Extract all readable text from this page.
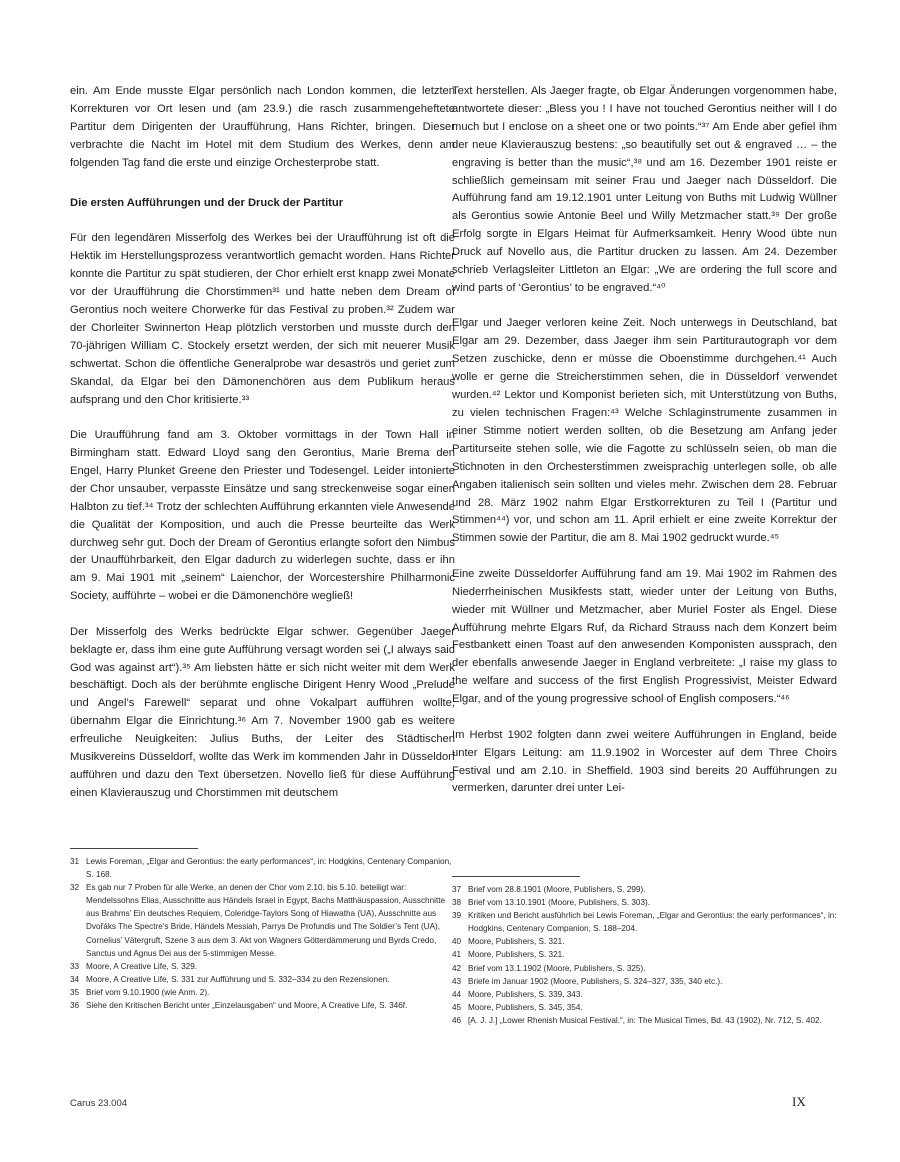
ein. Am Ende musste Elgar persönlich nach London kommen, die letzten Korrekturen vor Ort lesen und (am 23.9.) die rasch zusammengeheftete Partitur dem Dirigenten der Uraufführung, Hans Richter, bringen. Dieser verbrachte die Nacht im Hotel mit dem Studium des Werkes, denn am folgenden Tag fand die erste und einzige Orchesterprobe statt.

Die ersten Aufführungen und der Druck der Partitur

Für den legendären Misserfolg des Werkes bei der Uraufführung ist oft die Hektik im Herstellungsprozess verantwortlich gemacht worden. Hans Richter konnte die Partitur zu spät studieren, der Chor erhielt erst knapp zwei Monate vor der Uraufführung die Chorstimmen³¹ und hatte neben dem Dream of Gerontius noch weitere Chorwerke für das Festival zu proben.³² Zudem war der Chorleiter Swinnerton Heap plötzlich verstorben und musste durch den 70-jährigen William C. Stockely ersetzt werden, der sich mit neuerer Musik schwertat. Schon die öffentliche Generalprobe war desaströs und geriet zum Skandal, da Elgar bei den Dämonenchören aus dem Publikum heraus aufsprang und den Chor kritisierte.³³

Die Uraufführung fand am 3. Oktober vormittags in der Town Hall in Birmingham statt. Edward Lloyd sang den Gerontius, Marie Brema den Engel, Harry Plunket Greene den Priester und Todesengel. Leider intonierte der Chor unsauber, verpasste Einsätze und sang streckenweise sogar einen Halbton zu tief.³⁴ Trotz der schlechten Aufführung erkannten viele Anwesende die Qualität der Komposition, und auch die Presse beurteilte das Werk durchweg sehr gut. Doch der Dream of Gerontius erlangte sofort den Nimbus der Unaufführbarkeit, den Elgar dadurch zu widerlegen suchte, dass er ihn am 9. Mai 1901 mit „seinem“ Laienchor, der Worcestershire Philharmonic Society, aufführte – wobei er die Dämonenchöre wegließ!

Der Misserfolg des Werks bedrückte Elgar schwer. Gegenüber Jaeger beklagte er, dass ihm eine gute Aufführung versagt worden sei („I always said God was against art“).³⁵ Am liebsten hätte er sich nicht weiter mit dem Werk beschäftigt. Doch als der berühmte englische Dirigent Henry Wood „Prelude und Angel’s Farewell“ separat und ohne Vokalpart aufführen wollte, übernahm Elgar die Einrichtung.³⁶ Am 7. November 1900 gab es weitere erfreuliche Neuigkeiten: Julius Buths, der Leiter des Städtischen Musikvereins Düsseldorf, wollte das Werk im kommenden Jahr in Düsseldorf aufführen und dazu den Text übersetzen. Novello ließ für diese Aufführung einen Klavierauszug und Chorstimmen mit deutschem

Text herstellen. Als Jaeger fragte, ob Elgar Änderungen vorgenommen habe, antwortete dieser: „Bless you ! I have not touched Gerontius neither will I do much but I enclose on a sheet one or two points.“³⁷ Am Ende aber gefiel ihm der neue Klavierauszug bestens: „so beautifully set out & engraved … – the engraving is better than the music“,³⁸ und am 16. Dezember 1901 reiste er schließlich gemeinsam mit seiner Frau und Jaeger nach Düsseldorf. Die Aufführung fand am 19.12.1901 unter Leitung von Buths mit Ludwig Wüllner als Gerontius sowie Antonie Beel und Willy Metzmacher statt.³⁹ Der große Erfolg sorgte in Elgars Heimat für Aufmerksamkeit. Henry Wood übte nun Druck auf Novello aus, die Partitur drucken zu lassen. Am 24. Dezember schrieb Verlagsleiter Littleton an Elgar: „We are ordering the full score and wind parts of ‘Gerontius’ to be engraved.“⁴⁰

Elgar und Jaeger verloren keine Zeit. Noch unterwegs in Deutschland, bat Elgar am 29. Dezember, dass Jaeger ihm sein Partiturautograph vor dem Setzen zuschicke, denn er müsse die Oboenstimme durchgehen.⁴¹ Auch wolle er gerne die Streicherstimmen sehen, die in Düsseldorf verwendet wurden.⁴² Lektor und Komponist berieten sich, mit Unterstützung von Buths, zu vielen technischen Fragen:⁴³ Welche Schlaginstrumente zusammen in einer Stimme notiert werden sollten, ob die Besetzung am Anfang jeder Partiturseite stehen solle, wie die Fagotte zu schlüsseln seien, ob man die Stichnoten in den Orchesterstimmen zweisprachig unterlegen solle, ob alle Angaben italienisch sein sollten und vieles mehr. Zwischen dem 28. Februar und 28. März 1902 nahm Elgar Erstkorrekturen zu Teil I (Partitur und Stimmen⁴⁴) vor, und schon am 11. April erhielt er eine zweite Korrektur der Stimmen sowie der Partitur, die am 8. Mai 1902 gedruckt wurde.⁴⁵

Eine zweite Düsseldorfer Aufführung fand am 19. Mai 1902 im Rahmen des Niederrheinischen Musikfests statt, wieder unter der Leitung von Buths, wieder mit Wüllner und Metzmacher, aber Muriel Foster als Engel. Diese Aufführung mehrte Elgars Ruf, da Richard Strauss nach dem Konzert beim Festbankett einen Toast auf den anwesenden Komponisten aussprach, den der ebenfalls anwesende Jaeger in England verbreitete: „I raise my glass to the welfare and success of the first English Progressivist, Meister Edward Elgar, and of the young progressive school of English composers.“⁴⁶

Im Herbst 1902 folgten dann zwei weitere Aufführungen in England, beide unter Elgars Leitung: am 11.9.1902 in Worcester auf dem Three Choirs Festival und am 2.10. in Sheffield. 1903 sind bereits 20 Aufführungen zu vermerken, darunter drei unter Lei-

31 Lewis Foreman, „Elgar and Gerontius: the early performances“, in: Hodgkins, Centenary Companion, S. 168.
32 Es gab nur 7 Proben für alle Werke, an denen der Chor vom 2.10. bis 5.10. beteiligt war: Mendelssohns Elias, Ausschnitte aus Händels Israel in Egypt, Bachs Matthäuspassion, Ausschnitte aus Brahms’ Ein deutsches Requiem, Coleridge-Taylors Song of Hiawatha (UA), Ausschnitte aus Dvořáks The Spectre’s Bride, Händels Messiah, Parrys De Profundis und The Soldier’s Tent (UA), Cornelius’ Vätergruft, Szene 3 aus dem 3. Akt von Wagners Götterdämmerung und Byrds Credo, Sanctus und Agnus Dei aus der 5-stimmigen Messe.
33 Moore, A Creative Life, S. 329.
34 Moore, A Creative Life, S. 331 zur Aufführung und S. 332–334 zu den Rezensionen.
35 Brief vom 9.10.1900 (wie Anm. 2).
36 Siehe den Kritischen Bericht unter „Einzelausgaben“ und Moore, A Creative Life, S. 346f.
37 Brief vom 28.8.1901 (Moore, Publishers, S. 299).
38 Brief vom 13.10.1901 (Moore, Publishers, S. 303).
39 Kritiken und Bericht ausführlich bei Lewis Foreman, „Elgar and Gerontius: the early performances“, in: Hodgkins, Centenary Companion, S. 188–204.
40 Moore, Publishers, S. 321.
41 Moore, Publishers, S. 321.
42 Brief vom 13.1.1902 (Moore, Publishers, S. 325).
43 Briefe im Januar 1902 (Moore, Publishers, S. 324–327, 335, 340 etc.).
44 Moore, Publishers, S. 339, 343.
45 Moore, Publishers, S. 345, 354.
46 [A. J. J.] „Lower Rhenish Musical Festival.“, in: The Musical Times, Bd. 43 (1902), Nr. 712, S. 402.
Carus 23.004	IX
